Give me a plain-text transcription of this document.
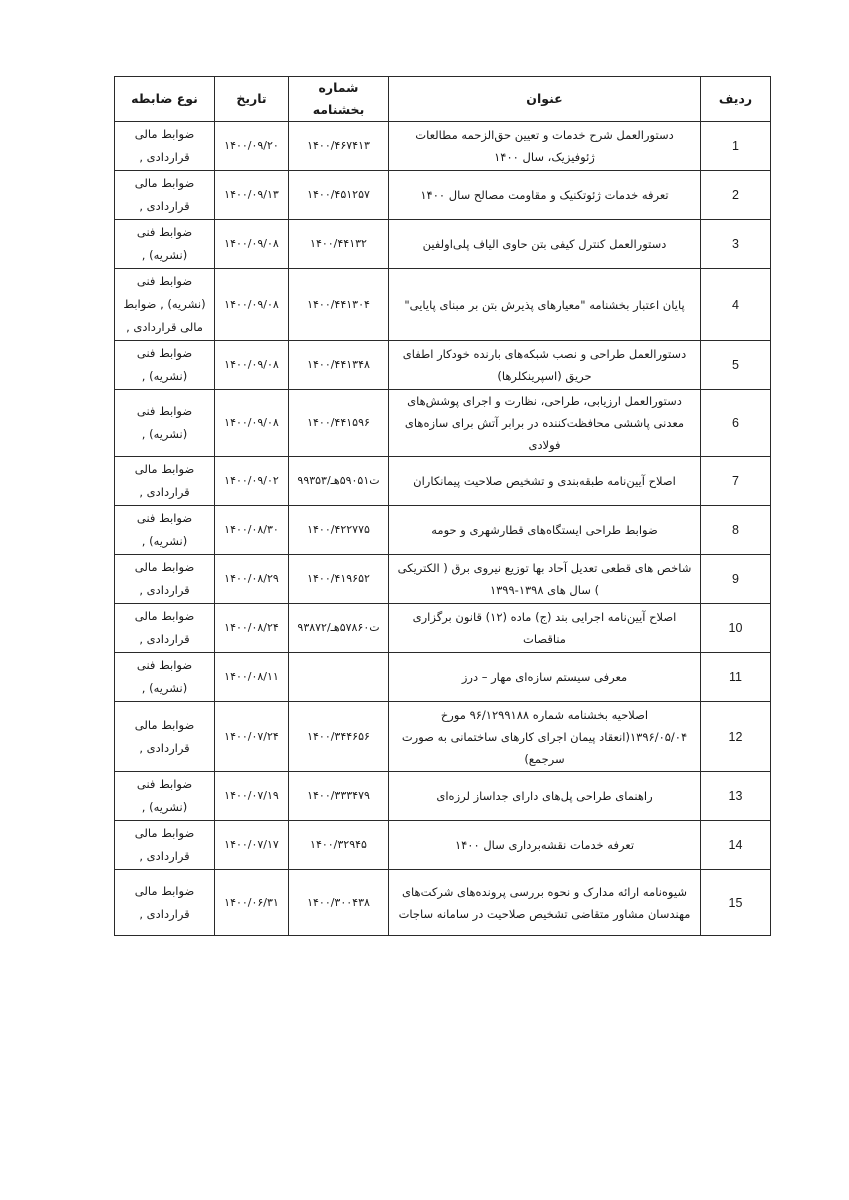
ردیف	عنوان	شماره بخشنامه	تاریخ	نوع ضابطه
1	دستورالعمل شرح خدمات و تعیین حق‌الزحمه مطالعات ژئوفیزیک، سال ۱۴۰۰	۱۴۰۰/۴۶۷۴۱۳	۱۴۰۰/۰۹/۲۰	ضوابط مالی قراردادی ,
2	تعرفه خدمات ژئوتکنیک و مقاومت مصالح سال ۱۴۰۰	۱۴۰۰/۴۵۱۲۵۷	۱۴۰۰/۰۹/۱۳	ضوابط مالی قراردادی ,
3	دستورالعمل کنترل کیفی بتن حاوی الیاف پلی‌اولفین	۱۴۰۰/۴۴۱۳۲	۱۴۰۰/۰۹/۰۸	ضوابط فنی (نشریه) ,
4	پایان اعتبار بخشنامه "معیارهای پذیرش بتن بر مبنای پایایی"	۱۴۰۰/۴۴۱۳۰۴	۱۴۰۰/۰۹/۰۸	ضوابط فنی (نشریه) , ضوابط مالی قراردادی ,
5	دستورالعمل طراحی و نصب شبکه‌های بارنده خودکار اطفای حریق (اسپرینکلرها)	۱۴۰۰/۴۴۱۳۴۸	۱۴۰۰/۰۹/۰۸	ضوابط فنی (نشریه) ,
6	دستورالعمل ارزیابی، طراحی، نظارت و اجرای پوشش‌های معدنی پاششی محافظت‌کننده در برابر آتش برای سازه‌های فولادی	۱۴۰۰/۴۴۱۵۹۶	۱۴۰۰/۰۹/۰۸	ضوابط فنی (نشریه) ,
7	اصلاح آیین‌نامه طبقه‌بندی و تشخیص صلاحیت پیمانکاران	ت۵۹۰۵۱هـ/۹۹۳۵۳	۱۴۰۰/۰۹/۰۲	ضوابط مالی قراردادی ,
8	ضوابط طراحی ایستگاه‌های قطارشهری و حومه	۱۴۰۰/۴۲۲۷۷۵	۱۴۰۰/۰۸/۳۰	ضوابط فنی (نشریه) ,
9	شاخص های قطعی تعدیل آحاد بها توزیع نیروی برق ( الکتریکی ) سال های ۱۳۹۸-۱۳۹۹	۱۴۰۰/۴۱۹۶۵۲	۱۴۰۰/۰۸/۲۹	ضوابط مالی قراردادی ,
10	اصلاح آیین‌نامه اجرایی بند (ج) ماده (۱۲) قانون برگزاری مناقصات	ت۵۷۸۶۰هـ/۹۳۸۷۲	۱۴۰۰/۰۸/۲۴	ضوابط مالی قراردادی ,
11	معرفی سیستم سازه‌ای مهار – درز		۱۴۰۰/۰۸/۱۱	ضوابط فنی (نشریه) ,
12	اصلاحیه بخشنامه شماره ۹۶/۱۲۹۹۱۸۸ مورخ ۱۳۹۶/۰۵/۰۴(انعقاد پیمان اجرای کارهای ساختمانی به صورت سرجمع)	۱۴۰۰/۳۴۴۶۵۶	۱۴۰۰/۰۷/۲۴	ضوابط مالی قراردادی ,
13	راهنمای طراحی پل‌های دارای جداساز لرزه‌ای	۱۴۰۰/۳۳۳۴۷۹	۱۴۰۰/۰۷/۱۹	ضوابط فنی (نشریه) ,
14	تعرفه خدمات نقشه‌برداری سال ۱۴۰۰	۱۴۰۰/۳۲۹۴۵	۱۴۰۰/۰۷/۱۷	ضوابط مالی قراردادی ,
15	شیوه‌نامه ارائه مدارک و نحوه بررسی پرونده‌های شرکت‌های مهندسان مشاور متقاضی تشخیص صلاحیت در سامانه ساجات	۱۴۰۰/۳۰۰۴۳۸	۱۴۰۰/۰۶/۳۱	ضوابط مالی قراردادی ,
